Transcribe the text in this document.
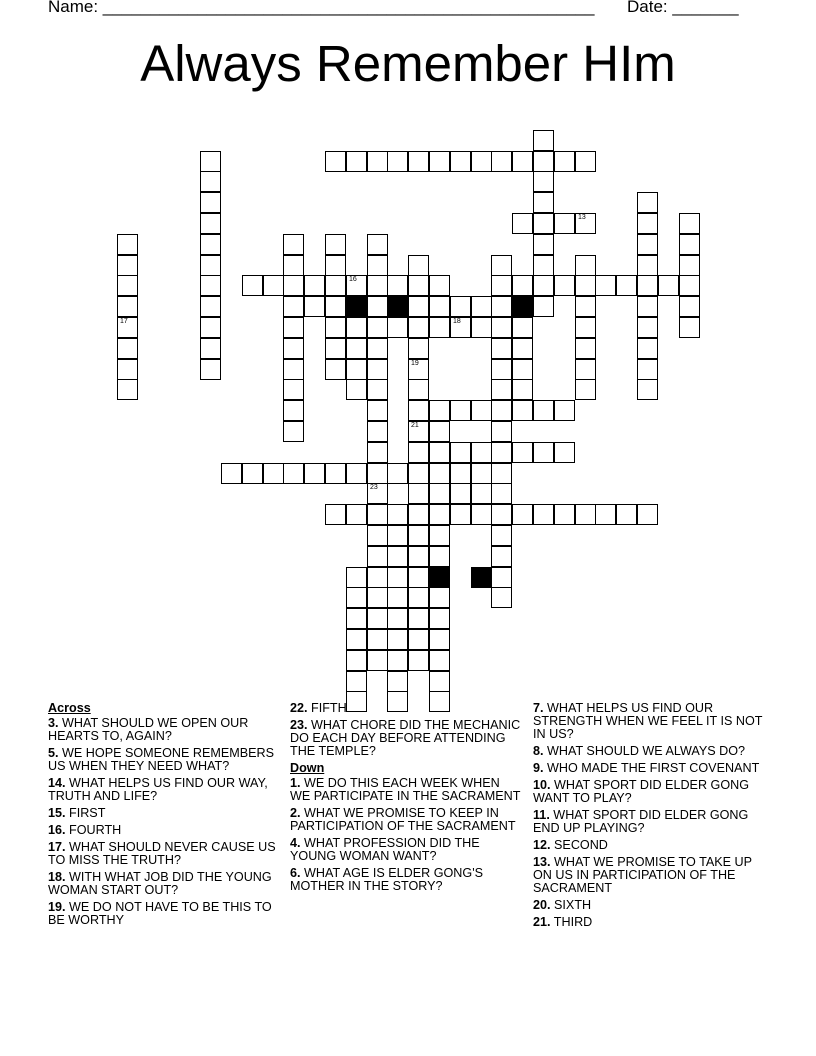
Name: ____________________________________________________ Date: _______
Always Remember HIm
13
17
19
16
18
23
21
Across
3. WHAT SHOULD WE OPEN OUR HEARTS TO, AGAIN?
5. WE HOPE SOMEONE REMEMBERS US WHEN THEY NEED WHAT?
14. WHAT HELPS US FIND OUR WAY, TRUTH AND LIFE?
15. FIRST
16. FOURTH
17. WHAT SHOULD NEVER CAUSE US TO MISS THE TRUTH?
18. WITH WHAT JOB DID THE YOUNG WOMAN START OUT?
19. WE DO NOT HAVE TO BE THIS TO BE WORTHY
22. FIFTH
23. WHAT CHORE DID THE MECHANIC DO EACH DAY BEFORE ATTENDING THE TEMPLE?
Down
1. WE DO THIS EACH WEEK WHEN WE PARTICIPATE IN THE SACRAMENT
2. WHAT WE PROMISE TO KEEP IN PARTICIPATION OF THE SACRAMENT
4. WHAT PROFESSION DID THE YOUNG WOMAN WANT?
6. WHAT AGE IS ELDER GONG'S MOTHER IN THE STORY?
7. WHAT HELPS US FIND OUR STRENGTH WHEN WE FEEL IT IS NOT IN US?
8. WHAT SHOULD WE ALWAYS DO?
9. WHO MADE THE FIRST COVENANT
10. WHAT SPORT DID ELDER GONG WANT TO PLAY?
11. WHAT SPORT DID ELDER GONG END UP PLAYING?
12. SECOND
13. WHAT WE PROMISE TO TAKE UP ON US IN PARTICIPATION OF THE SACRAMENT
20. SIXTH
21. THIRD
